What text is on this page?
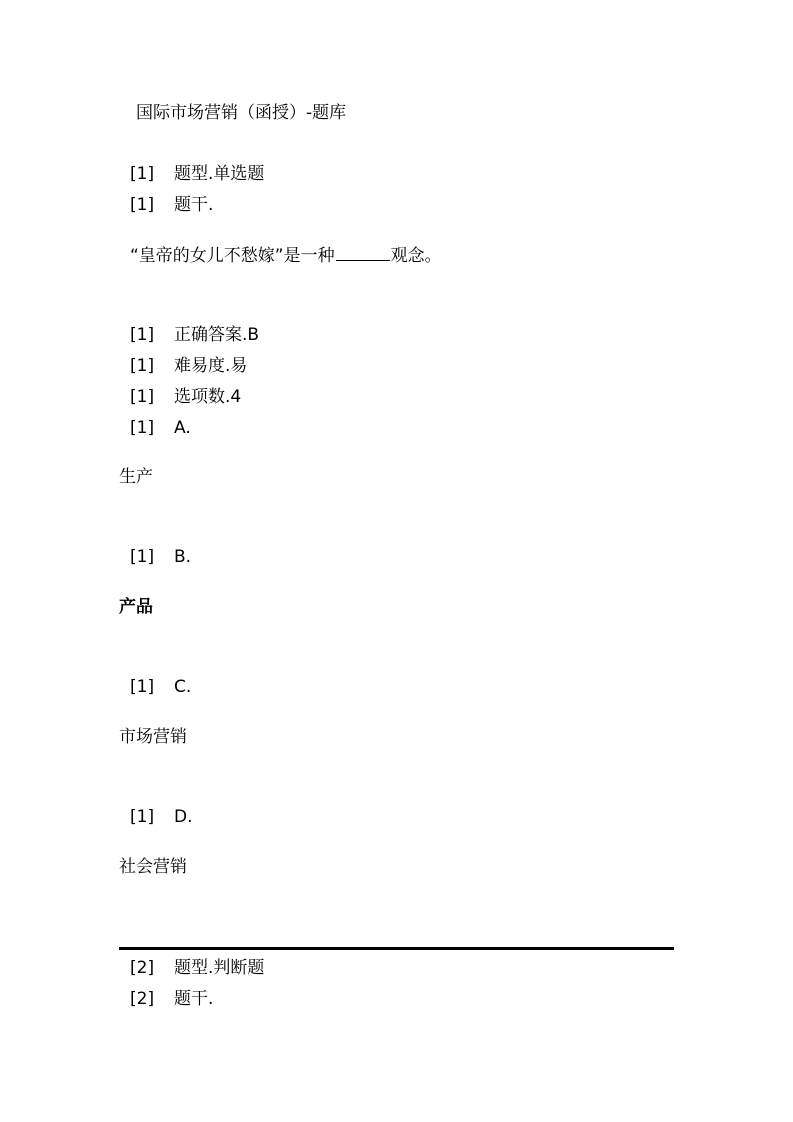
国际市场营销（函授）-题库
[1] 题型.单选题
[1] 题干.
“皇帝的女儿不愁嫁”是一种	观念。
[1] 正确答案.B
[1] 难易度.易
[1] 选项数.4
[1] A.
生产
[1] B.
产品
[1] C.
市场营销
[1] D.
社会营销
[2] 题型.判断题
[2] 题干.
